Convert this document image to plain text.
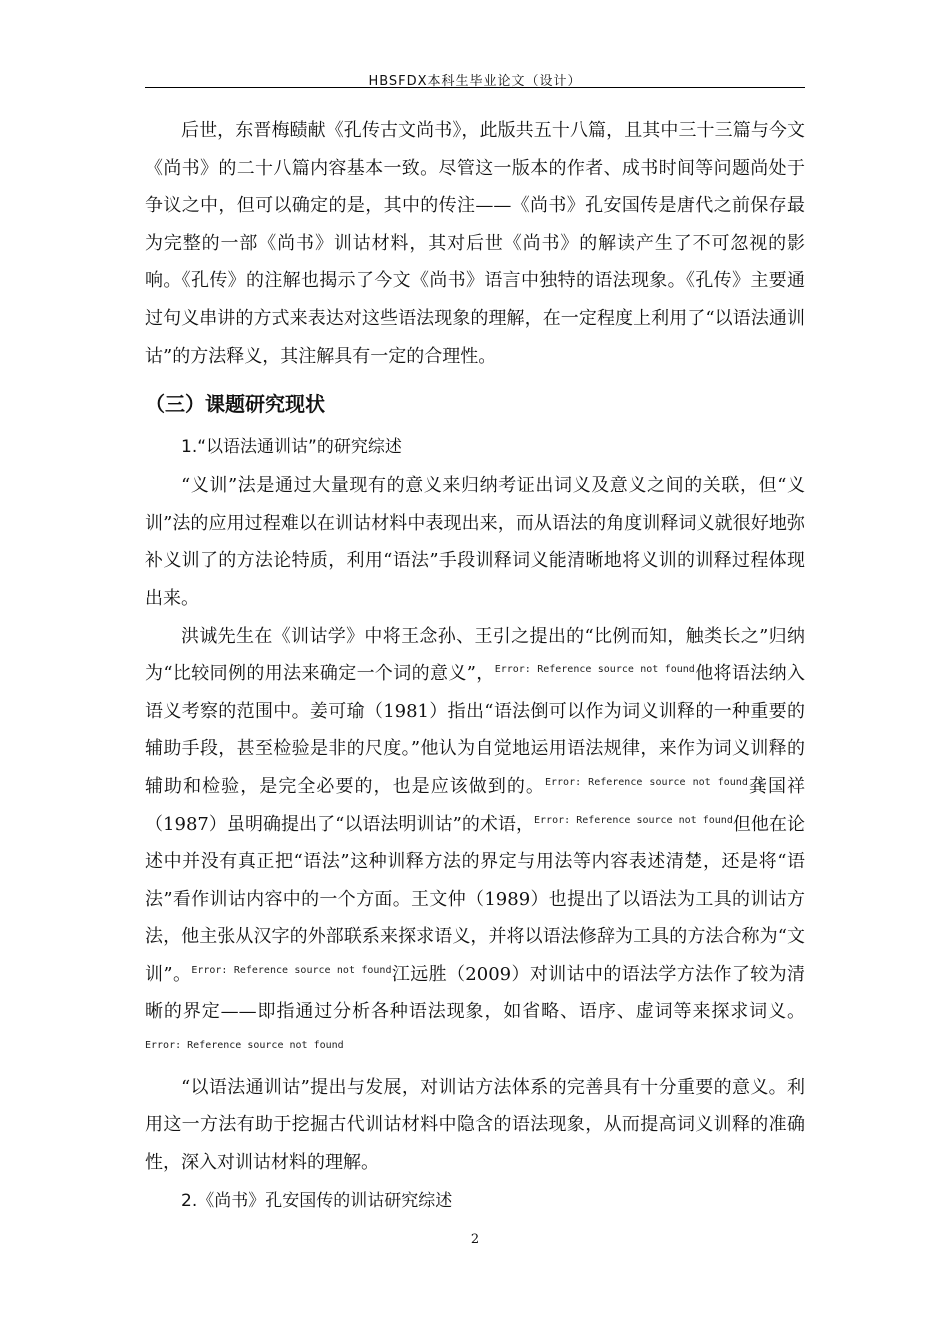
HBSFDX本科生毕业论文（设计）

后世，东晋梅赜献《孔传古文尚书》，此版共五十八篇，且其中三十三篇与今文《尚书》的二十八篇内容基本一致。尽管这一版本的作者、成书时间等问题尚处于争议之中，但可以确定的是，其中的传注——《尚书》孔安国传是唐代之前保存最为完整的一部《尚书》训诂材料，其对后世《尚书》的解读产生了不可忽视的影响。《孔传》的注解也揭示了今文《尚书》语言中独特的语法现象。《孔传》主要通过句义串讲的方式来表达对这些语法现象的理解，在一定程度上利用了“以语法通训诂”的方法释义，其注解具有一定的合理性。

（三）课题研究现状
1.“以语法通训诂”的研究综述

“义训”法是通过大量现有的意义来归纳考证出词义及意义之间的关联，但“义训”法的应用过程难以在训诂材料中表现出来，而从语法的角度训释词义就很好地弥补义训了的方法论特质，利用“语法”手段训释词义能清晰地将义训的训释过程体现出来。

洪诚先生在《训诂学》中将王念孙、王引之提出的“比例而知，触类长之”归纳为“比较同例的用法来确定一个词的意义”，$^{Error: Reference source not found}$他将语法纳入语义考察的范围中。姜可瑜（1981）指出“语法倒可以作为词义训释的一种重要的辅助手段，甚至检验是非的尺度。”他认为自觉地运用语法规律，来作为词义训释的辅助和检验，是完全必要的，也是应该做到的。$^{Error: Reference source not found}$龚国祥（1987）虽明确提出了“以语法明训诂”的术语，$^{Error: Reference source not found}$但他在论述中并没有真正把“语法”这种训释方法的界定与用法等内容表述清楚，还是将“语法”看作训诂内容中的一个方面。王文仲（1989）也提出了以语法为工具的训诂方法，他主张从汉字的外部联系来探求语义，并将以语法修辞为工具的方法合称为“文训”。$^{Error: Reference source not found}$江远胜（2009）对训诂中的语法学方法作了较为清晰的界定——即指通过分析各种语法现象，如省略、语序、虚词等来探求词义。$^{Error: Reference source not found}$

“以语法通训诂”提出与发展，对训诂方法体系的完善具有十分重要的意义。利用这一方法有助于挖掘古代训诂材料中隐含的语法现象，从而提高词义训释的准确性，深入对训诂材料的理解。

2.《尚书》孔安国传的训诂研究综述
2
